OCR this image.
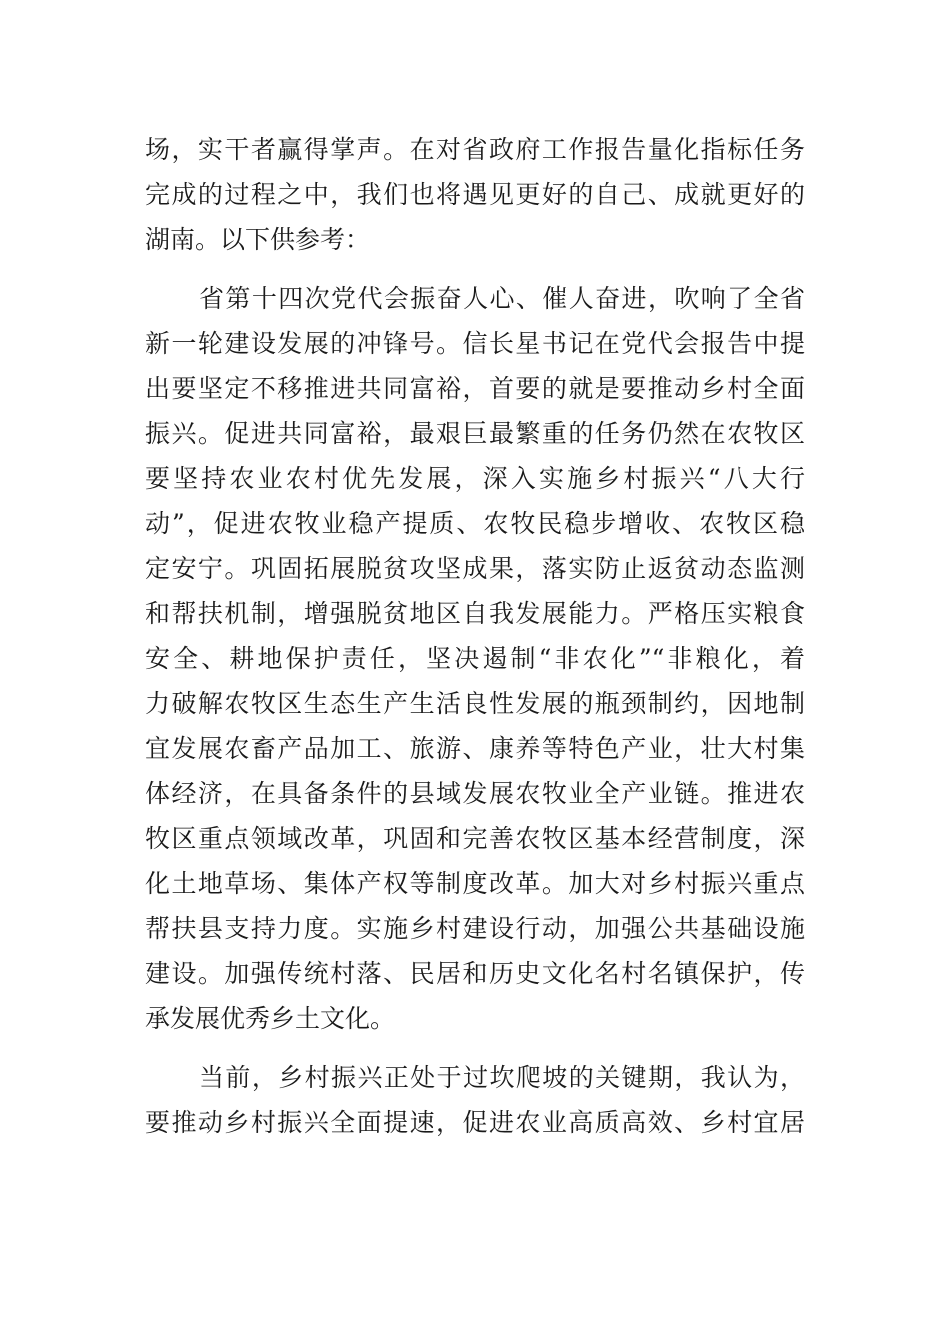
场，实干者赢得掌声。在对省政府工作报告量化指标任务
完成的过程之中，我们也将遇见更好的自己、成就更好的
湖南。以下供参考：
省第十四次党代会振奋人心、催人奋进，吹响了全省
新一轮建设发展的冲锋号。信长星书记在党代会报告中提
出要坚定不移推进共同富裕，首要的就是要推动乡村全面
振兴。促进共同富裕，最艰巨最繁重的任务仍然在农牧区
要坚持农业农村优先发展，深入实施乡村振兴“八大行
动”，促进农牧业稳产提质、农牧民稳步增收、农牧区稳
定安宁。巩固拓展脱贫攻坚成果，落实防止返贫动态监测
和帮扶机制，增强脱贫地区自我发展能力。严格压实粮食
安全、耕地保护责任，坚决遏制“非农化”“非粮化，着
力破解农牧区生态生产生活良性发展的瓶颈制约，因地制
宜发展农畜产品加工、旅游、康养等特色产业，壮大村集
体经济，在具备条件的县域发展农牧业全产业链。推进农
牧区重点领域改革，巩固和完善农牧区基本经营制度，深
化土地草场、集体产权等制度改革。加大对乡村振兴重点
帮扶县支持力度。实施乡村建设行动，加强公共基础设施
建设。加强传统村落、民居和历史文化名村名镇保护，传
承发展优秀乡土文化。
当前，乡村振兴正处于过坎爬坡的关键期，我认为，
要推动乡村振兴全面提速，促进农业高质高效、乡村宜居
